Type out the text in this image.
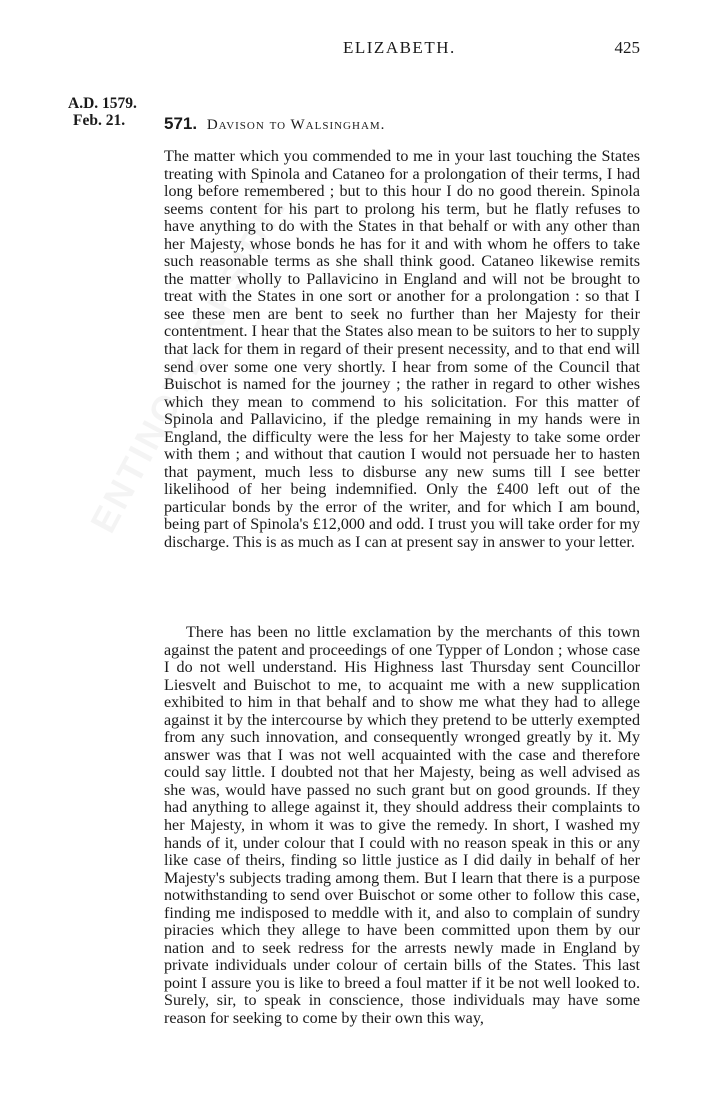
ELIZABETH.	425
A.D. 1579.
Feb. 21.	571. Davison to Walsingham.

The matter which you commended to me in your last touching the States treating with Spinola and Cataneo for a prolongation of their terms, I had long before remembered ; but to this hour I do no good therein. Spinola seems content for his part to prolong his term, but he flatly refuses to have anything to do with the States in that behalf or with any other than her Majesty, whose bonds he has for it and with whom he offers to take such reasonable terms as she shall think good. Cataneo likewise remits the matter wholly to Pallavicino in England and will not be brought to treat with the States in one sort or another for a prolongation : so that I see these men are bent to seek no further than her Majesty for their contentment. I hear that the States also mean to be suitors to her to supply that lack for them in regard of their present necessity, and to that end will send over some one very shortly. I hear from some of the Council that Buischot is named for the journey ; the rather in regard to other wishes which they mean to commend to his solicitation. For this matter of Spinola and Pallavicino, if the pledge remaining in my hands were in England, the difficulty were the less for her Majesty to take some order with them ; and without that caution I would not persuade her to hasten that payment, much less to disburse any new sums till I see better likelihood of her being indemnified. Only the £400 left out of the particular bonds by the error of the writer, and for which I am bound, being part of Spinola's £12,000 and odd. I trust you will take order for my discharge. This is as much as I can at present say in answer to your letter.

There has been no little exclamation by the merchants of this town against the patent and proceedings of one Typper of London ; whose case I do not well understand. His Highness last Thursday sent Councillor Liesvelt and Buischot to me, to acquaint me with a new supplication exhibited to him in that behalf and to show me what they had to allege against it by the intercourse by which they pretend to be utterly exempted from any such innovation, and consequently wronged greatly by it. My answer was that I was not well acquainted with the case and therefore could say little. I doubted not that her Majesty, being as well advised as she was, would have passed no such grant but on good grounds. If they had anything to allege against it, they should address their complaints to her Majesty, in whom it was to give the remedy. In short, I washed my hands of it, under colour that I could with no reason speak in this or any like case of theirs, finding so little justice as I did daily in behalf of her Majesty's subjects trading among them. But I learn that there is a purpose notwithstanding to send over Buischot or some other to follow this case, finding me indisposed to meddle with it, and also to complain of sundry piracies which they allege to have been committed upon them by our nation and to seek redress for the arrests newly made in England by private individuals under colour of certain bills of the States. This last point I assure you is like to breed a foul matter if it be not well looked to. Surely, sir, to speak in conscience, those individuals may have some reason for seeking to come by their own this way,
